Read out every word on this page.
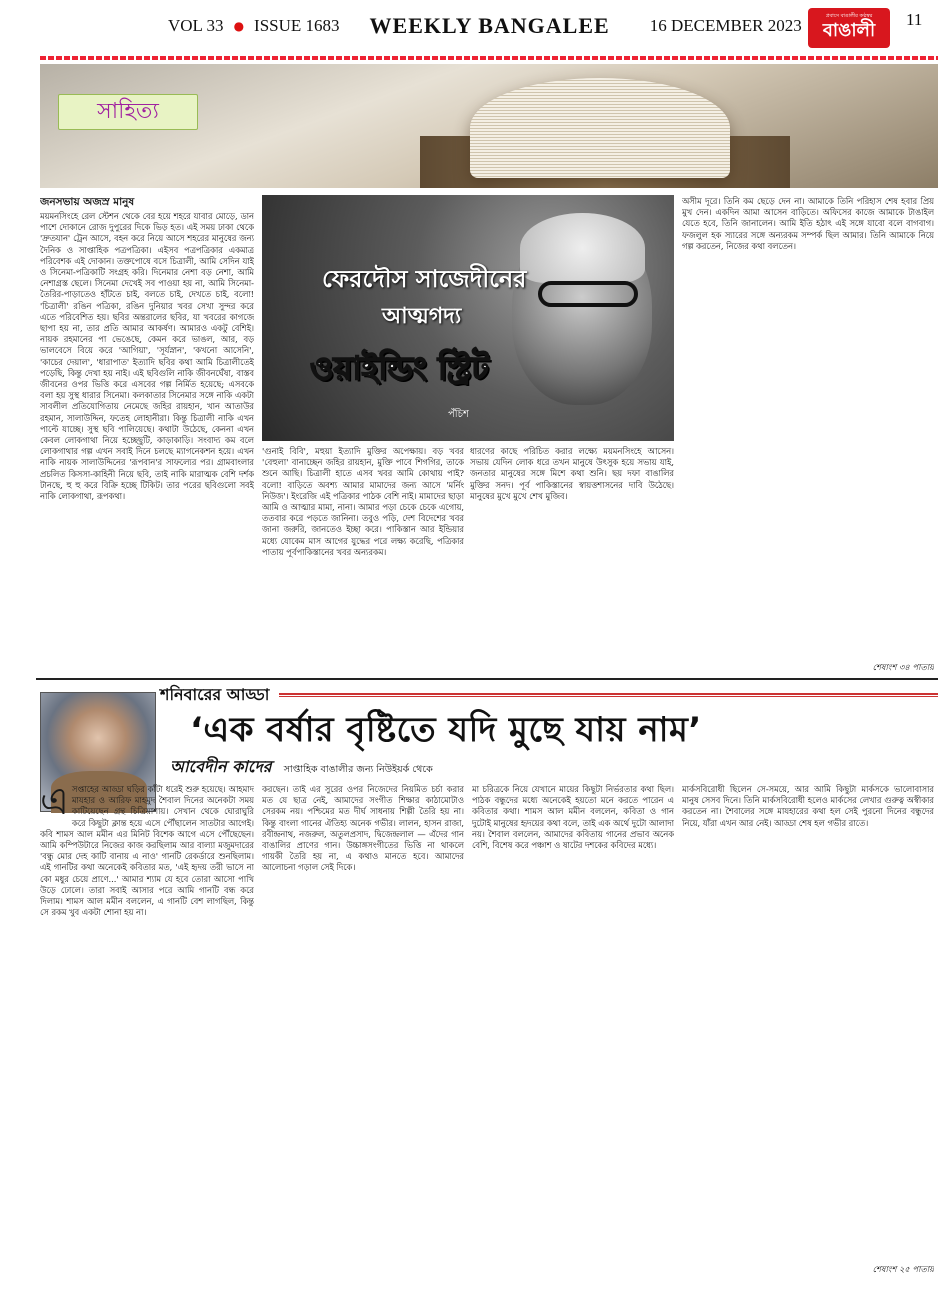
VOL 33 ● ISSUE 1683 WEEKLY BANGALEE 16 DECEMBER 2023	প্রবাসে বাঙালীর কণ্ঠস্বর
বাঙালী
11
সাহিত্য
জনসভায় অজস্র মানুষ
ময়মনসিংহে রেল স্টেশন থেকে বের হয়ে শহরে যাবার মোড়ে, ডান পাশে দোকানে রোজ দুপুরের দিকে ভিড় হত। এই সময় ঢাকা থেকে 'দ্রুতযান' ট্রেন আসে, বহন করে নিয়ে আসে শহরের মানুষের জন্য দৈনিক ও সাপ্তাহিক পত্রপত্রিকা। এইসব পত্রপত্রিকার একমাত্র পরিবেশক এই দোকান। তক্তপোষে বসে চিত্রালী, আমি সেদিন যাই ও সিনেমা-পত্রিকাটি সংগ্রহ করি। দিনেমার নেশা বড় নেশা, আমি নেশাগ্রস্ত ছেলে। সিনেমা দেখেই সব পাওয়া হয় না, আমি সিনেমা-তৈরির-পাড়াতেও হাঁটতে চাই, বলতে চাই, দেখতে চাই, বলো! 'চিত্রালী' রঙিন পত্রিকা, রঙিন দুনিয়ার খবর সেখা সুন্দর করে এতে পরিবেশিত হয়। ছবির অন্তরালের ছবির, যা খবরের কাগজে ছাপা হয় না, তার প্রতি আমার আকর্ষণ। আমারও একটু বেশিই। নায়ক রহমানের পা ভেঙেছে, কেমন করে ভাঙল, আর, বড় ভালবেসে বিয়ে করে 'আগিয়া', 'সূর্যস্নান', 'কখনো আসেনি', 'কাচের দেয়াল', 'ধারাপাত' ইত্যাদি ছবির কথা আমি চিত্রালীতেই পড়েছি, কিন্তু দেখা হয় নাই। এই ছবিগুলি নাকি জীবনঘেঁষা, বাস্তব জীবনের ওপর ভিত্তি করে এসবের গল্প নির্মিত হয়েছে; এসবকে বলা হয় সুস্থ ধারার সিনেমা। কলকাতার সিনেমার সঙ্গে নাকি একটা সাবলীল প্রতিযোগিতায় নেমেছে জহির রায়হান, খান আতাউর রহমান, সালাউদ্দিন, ফতেহ লোহানীরা। কিন্তু চিত্রালী নাকি এখন পাল্টে যাচ্ছে। সুস্থ ছবি পালিয়েছে। কথাটা উঠেছে, কেননা এখন কেবল লোকগাথা নিয়ে হচ্ছেছুটি, কাড়াকাড়ি। সংবাদ্য কম বলে লোকগাথার গল্প এখন সবাই দিনে চলছে ম্যাগনেকশন হয়ে। এখন নাকি নায়ক সালাউদ্দিনের 'রূপবান'র সাফল্যের পর। গ্রামবাংলার প্রচলিত কিসসা-কাহিনী নিয়ে ছবি, তাই নাকি মারাত্মক বেশি দর্শক টানছে, হু হু করে বিক্রি হচ্ছে টিকিট। তার পরের ছবিগুলো সবই নাকি লোকগাথা, রূপকথা।
ফেরদৌস সাজেদীনের
আত্মগদ্য
ওয়াইন্ডিং স্ট্রিট
পঁচিশ
'গুনাই বিবি', মহুয়া ইত্যাদি মুক্তির অপেক্ষায়। বড় খবর 'বেহুলা' বানাচ্ছেন জহির রায়হান, মুক্তি পাবে শিগগির, তাকে শুনে আছি। চিত্রালী হাতে এসব খবর আমি কোথায় পাই? বলো! বাড়িতে অবশ্য আমার মামাদের জন্য আসে 'মর্নিং নিউজ'। ইংরেজি এই পত্রিকার পাঠক বেশি নাই। মামাদের ছাড়া আমি ও আত্মার মামা, নানা। আমার পড়া চেকে চেকে এগোয়, ততবার করে পড়তে জানিনা। তবুও পড়ি, দেশ বিদেশের খবর জানা জরুরি, জানতেও ইচ্ছা করে। পাকিস্তান আর ইন্ডিয়ার মধ্যে যোকেম মাস আগের যুদ্ধের পরে লক্ষ্য করেছি, পত্রিকার পাতায় পূর্বপাকিস্তানের খবর অন্যরকম।
ধারণের কাছে পরিচিত করার লক্ষ্যে ময়মনসিংহে আসেন। সভায় যেদিন লোক ধরে তখন মানুষে উৎসুক হয়ে সভায় যাই, জনতার মানুষের সঙ্গে মিশে কথা শুনি। ছয় দফা বাঙালির মুক্তির সনদ। পূর্ব পাকিস্তানের স্বায়ত্তশাসনের দাবি উঠেছে। মানুষের মুখে মুখে শেখ মুজিব।
অসীম দূরে। তিনি কম ছেড়ে দেন না। আমাকে তিনি পরিহাস শেষ হবার প্রিয় মুখ দেন। একদিন আমা আসেন বাড়িতে। অফিসের কাজে আমাকে টাঙাইল যেতে হবে, তিনি জানালেন। আমি ইতি হঠাৎ এই সঙ্গে যাবো বলে বাগবাগ। ফজলুল হক স্যারের সঙ্গে অন্যরকম সম্পর্ক ছিল আমার। তিনি আমাকে নিয়ে গল্প করতেন, নিজের কথা বলতেন।
শেষাংশ ৩৪ পাতায়
শনিবারের আড্ডা
‘এক বর্ষার বৃষ্টিতে যদি মুছে যায় নাম’
আবেদীন কাদের সাপ্তাহিক বাঙালীর জন্য নিউইয়র্ক থেকে
এ সপ্তাহের আড্ডা ঘড়ির কাঁটা ধরেই শুরু হয়েছে। আহমাদ মাযহার ও আরিফ মাহমুদ শৈবাল দিনের অনেকটা সময় কাটিয়েছেন গ্রন্থ চিত্রিয়াশায়। সেখান থেকে ঘোরাঘুরি করে কিছুটা ক্লান্ত হয়ে এসে পৌঁছালেন সাতটার আগেই। কবি শামস আল মমীন এর মিনিট বিশেক আগে এসে পৌঁছেছেন। আমি কম্পিউটারে নিজের কাজ করছিলাম আর বাল্যা মজুমদারের 'বন্ধু মোর দেহ কাটি বানায় এ নাও' গানটি রেকর্ডারে শুনছিলাম। এই গানটির কথা অনেকেই কবিতার মত, 'এই হৃদয় তরী ভাসে না কো মধুর চেয়ে প্রাণে...' আমার শ্যাম যে হবে তোরা আসো পাখি উড়ে ঢোলে। তারা সবাই আসার পরে আমি গানটি বন্ধ করে দিলাম। শামস আল মমীন বললেন, এ গানটি বেশ লাগছিল, কিন্তু সে রকম খুব একটা শোনা হয় না।
করছেন। তাই এর সুরের ওপর নিজেদের নিয়মিত চর্চা করার মত যে ছাত্র নেই, আমাদের সংগীত শিক্ষার কাঠামোটাও সেরকম নয়। পশ্চিমের মত দীর্ঘ সাধনায় শিল্পী তৈরি হয় না। কিন্তু বাংলা গানের ঐতিহ্য অনেক গভীর। লালন, হাসন রাজা, রবীন্দ্রনাথ, নজরুল, অতুলপ্রসাদ, দ্বিজেন্দ্রলাল — এঁদের গান বাঙালির প্রাণের গান। উচ্চাঙ্গসংগীতের ভিত্তি না থাকলে গায়কী তৈরি হয় না, এ কথাও মানতে হবে। আমাদের আলোচনা গড়াল সেই দিকে।
মা চরিত্রকে নিয়ে যেখানে মায়ের কিছুটা নির্ভরতার কথা ছিল। পাঠক বন্ধুদের মধ্যে অনেকেই হয়তো মনে করতে পারেন এ কবিতার কথা। শামস আল মমীন বললেন, কবিতা ও গান দুটোই মানুষের হৃদয়ের কথা বলে, তাই এক অর্থে দুটো আলাদা নয়। শৈবাল বললেন, আমাদের কবিতায় গানের প্রভাব অনেক বেশি, বিশেষ করে পঞ্চাশ ও ষাটের দশকের কবিদের মধ্যে।
মার্কসবিরোধী ছিলেন সে-সময়ে, আর আমি কিছুটা মার্কসকে ভালোবাসার মানুষ সেসব দিনে। তিনি মার্কসবিরোধী হলেও মার্কসের লেখার গুরুত্ব অস্বীকার করতেন না। শৈবালের সঙ্গে মাযহারের কথা হল সেই পুরনো দিনের বন্ধুদের নিয়ে, যাঁরা এখন আর নেই। আড্ডা শেষ হল গভীর রাতে।
শেষাংশ ২৫ পাতায়
